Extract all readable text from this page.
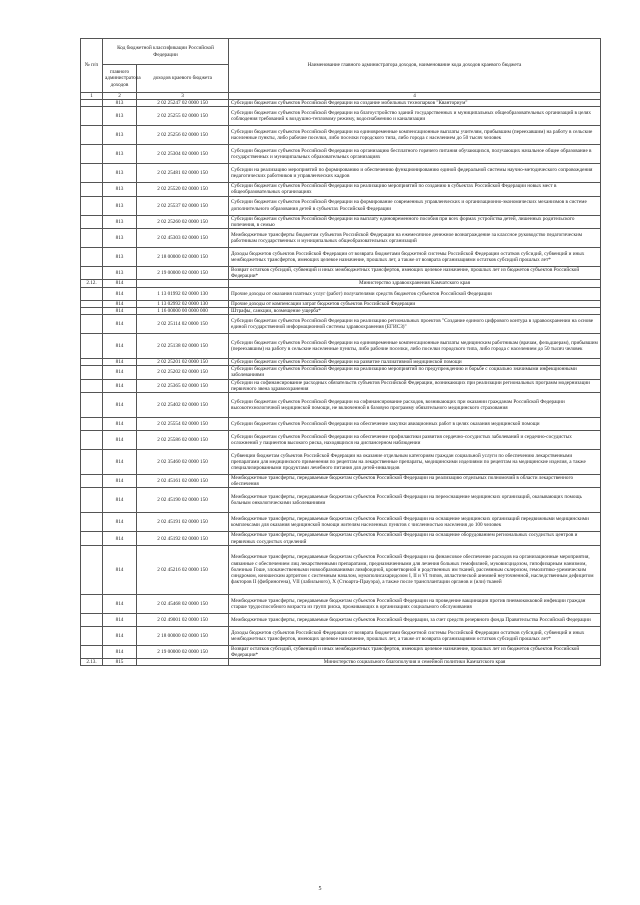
№ п/п	Код бюджетной классификации Российской Федерации		Наименование главного администратора доходов, наименование кода доходов краевого бюджета
	главного администратора доходов	доходов краевого бюджета	
1	2	3	4
	813	2 02 25247 02 0000 150	Субсидии бюджетам субъектов Российской Федерации на создание мобильных технопарков "Кванториум"
	813	2 02 25255 02 0000 150	Субсидии бюджетам субъектов Российской Федерации на благоустройство зданий государственных и муниципальных общеобразовательных организаций в целях соблюдения требований к воздушно-тепловому режиму, водоснабжению и канализации
	813	2 02 25256 02 0000 150	Субсидии бюджетам субъектов Российской Федерации на единовременные компенсационные выплаты учителям, прибывшим (переехавшим) на работу в сельские населенные пункты, либо рабочие поселки, либо поселки городского типа, либо города с населением до 50 тысяч человек
	813	2 02 25304 02 0000 150	Субсидии бюджетам субъектов Российской Федерации на организацию бесплатного горячего питания обучающихся, получающих начальное общее образование в государственных и муниципальных образовательных организациях
	813	2 02 25481 02 0000 150	Субсидии на реализацию мероприятий по формированию и обеспечению функционированию единой федеральной системы научно-методического сопровождения педагогических работников и управленческих кадров
	813	2 02 25520 02 0000 150	Субсидии бюджетам субъектов Российской Федерации на реализацию мероприятий по созданию в субъектах Российской Федерации новых мест в общеобразовательных организациях
	813	2 02 25537 02 0000 150	Субсидии бюджетам субъектов Российской Федерации на формирование современных управленческих и организационно-экономических механизмов в системе дополнительного образования детей в субъектах Российской Федерации
	813	2 02 25260 02 0000 150	Субсидии бюджетам субъектов Российской Федерации на выплату единовременного пособия при всех формах устройства детей, лишенных родительского попечения, в семью
	813	2 02 45303 02 0000 150	Межбюджетные трансферты бюджетам субъектов Российской Федерации на ежемесячное денежное вознаграждение за классное руководство педагогическим работникам государственных и муниципальных общеобразовательных организаций
	813	2 18 00000 02 0000 150	Доходы бюджетов субъектов Российской Федерации от возврата бюджетами бюджетной системы Российской Федерации остатков субсидий, субвенций и иных межбюджетных трансфертов, имеющих целевое назначение, прошлых лет, а также от возврата организациями остатков субсидий прошлых лет*
	813	2 19 00000 02 0000 150	Возврат остатков субсидий, субвенций и иных межбюджетных трансфертов, имеющих целевое назначение, прошлых лет из бюджетов субъектов Российской Федерации*
2.12.	814		Министерство здравоохранения Камчатского края
	814	1 13 01992 02 0000 130	Прочие доходы от оказания платных услуг (работ) получателями средств бюджетов субъектов Российской Федерации
	814	1 13 02992 02 0000 130	Прочие доходы от компенсации затрат бюджетов субъектов Российской Федерации
	814	1 16 00000 00 0000 000	Штрафы, санкции, возмещение ущерба*
	814	2 02 25114 02 0000 150	Субсидии бюджетам субъектов Российской Федерации на реализацию региональных проектов "Создание единого цифрового контура в здравоохранении на основе единой государственной информационной системы здравоохранения (ЕГИСЗ)"
	814	2 02 25138 02 0000 150	Субсидии бюджетам субъектов Российской Федерации на единовременные компенсационные выплаты медицинским работникам (врачам, фельдшерам), прибывшим (переехавшим) на работу в сельские населенные пункты, либо рабочие поселки, либо поселки городского типа, либо города с населением до 50 тысяч человек
	814	2 02 25201 02 0000 150	Субсидии бюджетам субъектов Российской Федерации на развитие паллиативной медицинской помощи
	814	2 02 25202 02 0000 150	Субсидии бюджетам субъектов Российской Федерации на реализацию мероприятий по предупреждению и борьбе с социально значимыми инфекционными заболеваниями
	814	2 02 25365 02 0000 150	Субсидии на софинансирование расходных обязательств субъектов Российской Федерации, возникающих при реализации региональных программ модернизации первичного звена здравоохранения
	814	2 02 25402 02 0000 150	Субсидии бюджетам субъектов Российской Федерации на софинансирование расходов, возникающих при оказании гражданам Российской Федерации высокотехнологичной медицинской помощи, не включенной в базовую программу обязательного медицинского страхования
	814	2 02 25554 02 0000 150	Субсидии бюджетам субъектов Российской Федерации на обеспечение закупки авиационных работ в целях оказания медицинской помощи
	814	2 02 25586 02 0000 150	Субсидии бюджетам субъектов Российской Федерации на обеспечение профилактики развития сердечно-сосудистых заболеваний и сердечно-сосудистых осложнений у пациентов высокого риска, находящихся на диспансерном наблюдении
	814	2 02 35460 02 0000 150	Субвенции бюджетам субъектов Российской Федерации на оказание отдельным категориям граждан социальной услуги по обеспечению лекарственными препаратами для медицинского применения по рецептам на лекарственные препараты, медицинскими изделиями по рецептам на медицинские изделия, а также специализированными продуктами лечебного питания для детей-инвалидов
	814	2 02 45161 02 0000 150	Межбюджетные трансферты, передаваемые бюджетам субъектов Российской Федерации на реализацию отдельных полномочий в области лекарственного обеспечения
	814	2 02 45190 02 0000 150	Межбюджетные трансферты, передаваемые бюджетам субъектов Российской Федерации на переоснащение медицинских организаций, оказывающих помощь больным онкологическими заболеваниями
	814	2 02 45191 02 0000 150	Межбюджетные трансферты, передаваемые бюджетам субъектов Российской Федерации на оснащение медицинских организаций передвижными медицинскими комплексами для оказания медицинской помощи жителям населенных пунктов с численностью населения до 100 человек
	814	2 02 45192 02 0000 150	Межбюджетные трансферты, передаваемые бюджетам субъектов Российской Федерации на оснащение оборудованием региональных сосудистых центров и первичных сосудистых отделений
	814	2 02 45216 02 0000 150	Межбюджетные трансферты, передаваемые бюджетам субъектов Российской Федерации на финансовое обеспечение расходов на организационные мероприятия, связанные с обеспечением лиц лекарственными препаратами, предназначенными для лечения больных гемофилией, муковисцидозом, гипофизарным нанизмом, болезнью Гоше, злокачественными новообразованиями лимфоидной, кроветворной и родственных им тканей, рассеянным склерозом, гемолитико-уремическим синдромом, юношеским артритом с системным началом, мукополисахаридозом I, II и VI типов, апластической анемией неуточненной, наследственным дефицитом факторов II (фибриногена), VII (лабильного), X (Стюарта-Прауэра), а также после трансплантации органов и (или) тканей
	814	2 02 45468 02 0000 150	Межбюджетные трансферты, передаваемые бюджетам субъектов Российской Федерации на проведение вакцинации против пневмококковой инфекции граждан старше трудоспособного возраста из групп риска, проживающих в организациях социального обслуживания
	814	2 02 49001 02 0000 150	Межбюджетные трансферты, передаваемые бюджетам субъектов Российской Федерации, за счет средств резервного фонда Правительства Российской Федерации
	814	2 18 00000 02 0000 150	Доходы бюджетов субъектов Российской Федерации от возврата бюджетами бюджетной системы Российской Федерации остатков субсидий, субвенций и иных межбюджетных трансфертов, имеющих целевое назначение, прошлых лет, а также от возврата организациями остатков субсидий прошлых лет*
	814	2 19 00000 02 0000 150	Возврат остатков субсидий, субвенций и иных межбюджетных трансфертов, имеющих целевое назначение, прошлых лет из бюджетов субъектов Российской Федерации*
2.13.	815		Министерство социального благополучия и семейной политики Камчатского края
5
